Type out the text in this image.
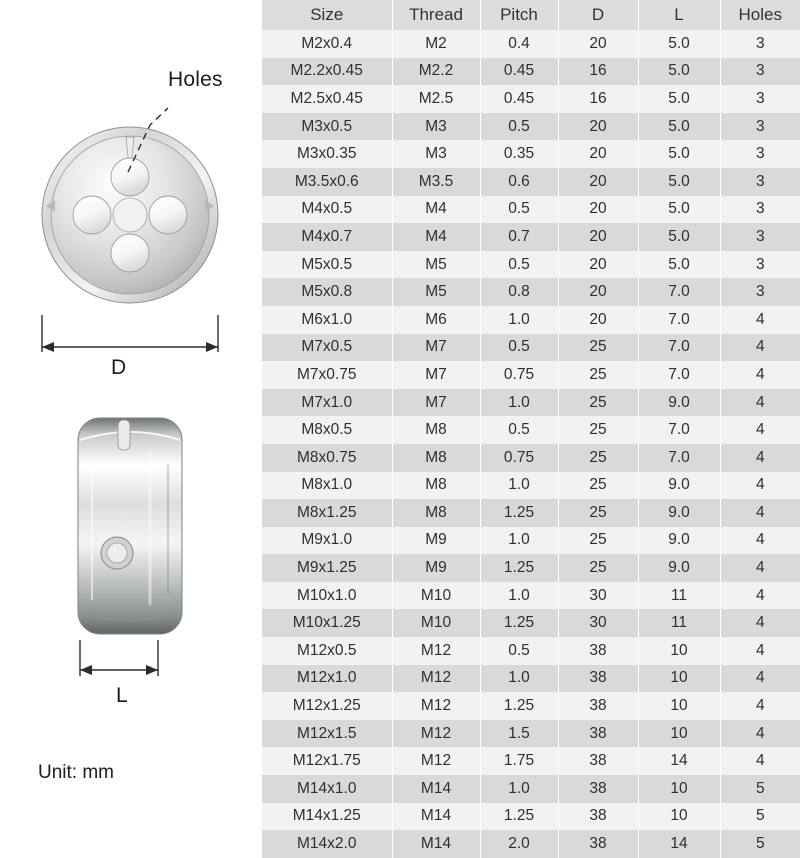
Holes
D
L
Unit: mm
Size	Thread	Pitch	D	L	Holes
M2x0.4	M2	0.4	20	5.0	3
M2.2x0.45	M2.2	0.45	16	5.0	3
M2.5x0.45	M2.5	0.45	16	5.0	3
M3x0.5	M3	0.5	20	5.0	3
M3x0.35	M3	0.35	20	5.0	3
M3.5x0.6	M3.5	0.6	20	5.0	3
M4x0.5	M4	0.5	20	5.0	3
M4x0.7	M4	0.7	20	5.0	3
M5x0.5	M5	0.5	20	5.0	3
M5x0.8	M5	0.8	20	7.0	3
M6x1.0	M6	1.0	20	7.0	4
M7x0.5	M7	0.5	25	7.0	4
M7x0.75	M7	0.75	25	7.0	4
M7x1.0	M7	1.0	25	9.0	4
M8x0.5	M8	0.5	25	7.0	4
M8x0.75	M8	0.75	25	7.0	4
M8x1.0	M8	1.0	25	9.0	4
M8x1.25	M8	1.25	25	9.0	4
M9x1.0	M9	1.0	25	9.0	4
M9x1.25	M9	1.25	25	9.0	4
M10x1.0	M10	1.0	30	11	4
M10x1.25	M10	1.25	30	11	4
M12x0.5	M12	0.5	38	10	4
M12x1.0	M12	1.0	38	10	4
M12x1.25	M12	1.25	38	10	4
M12x1.5	M12	1.5	38	10	4
M12x1.75	M12	1.75	38	14	4
M14x1.0	M14	1.0	38	10	5
M14x1.25	M14	1.25	38	10	5
M14x2.0	M14	2.0	38	14	5
